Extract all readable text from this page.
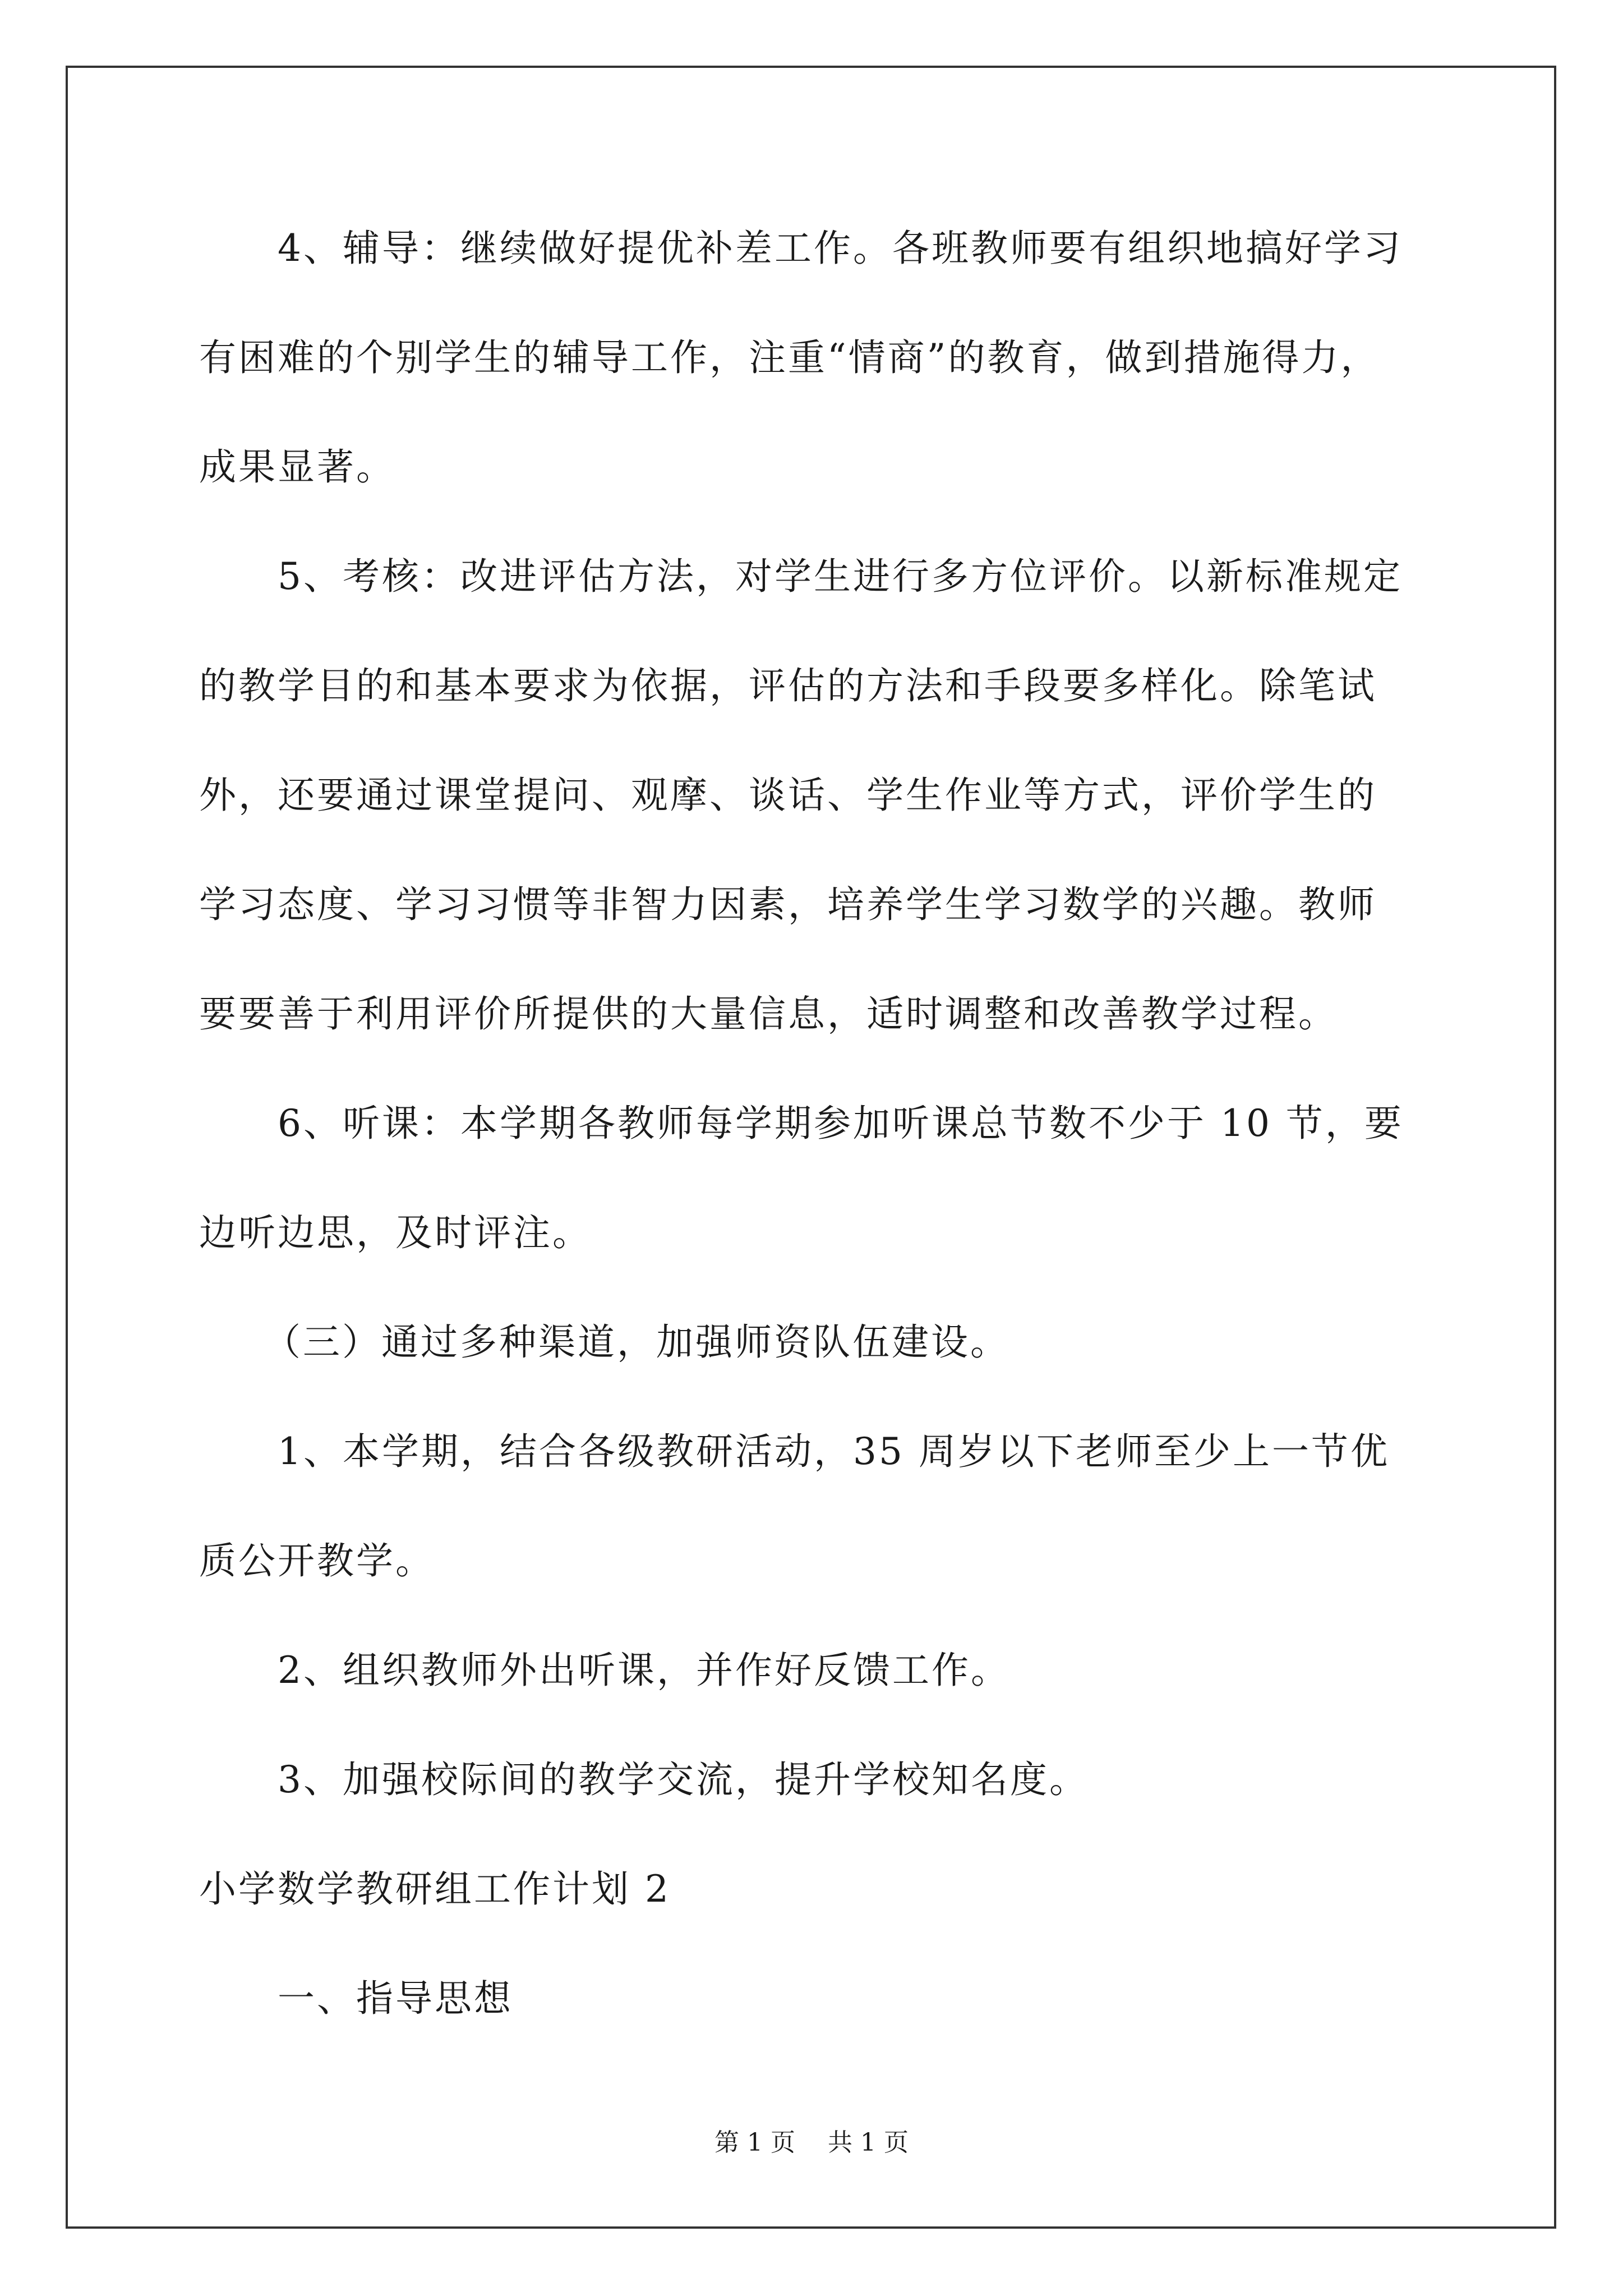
4、辅导：继续做好提优补差工作。各班教师要有组织地搞好学习
有困难的个别学生的辅导工作，注重“情商”的教育，做到措施得力，
成果显著。
5、考核：改进评估方法，对学生进行多方位评价。以新标准规定
的教学目的和基本要求为依据，评估的方法和手段要多样化。除笔试
外，还要通过课堂提问、观摩、谈话、学生作业等方式，评价学生的
学习态度、学习习惯等非智力因素，培养学生学习数学的兴趣。教师
要要善于利用评价所提供的大量信息，适时调整和改善教学过程。
6、听课：本学期各教师每学期参加听课总节数不少于 10 节，要
边听边思，及时评注。
（三）通过多种渠道，加强师资队伍建设。
1、本学期，结合各级教研活动，35 周岁以下老师至少上一节优
质公开教学。
2、组织教师外出听课，并作好反馈工作。
3、加强校际间的教学交流，提升学校知名度。
小学数学教研组工作计划 2
一、指导思想
第 1 页　 共 1 页
